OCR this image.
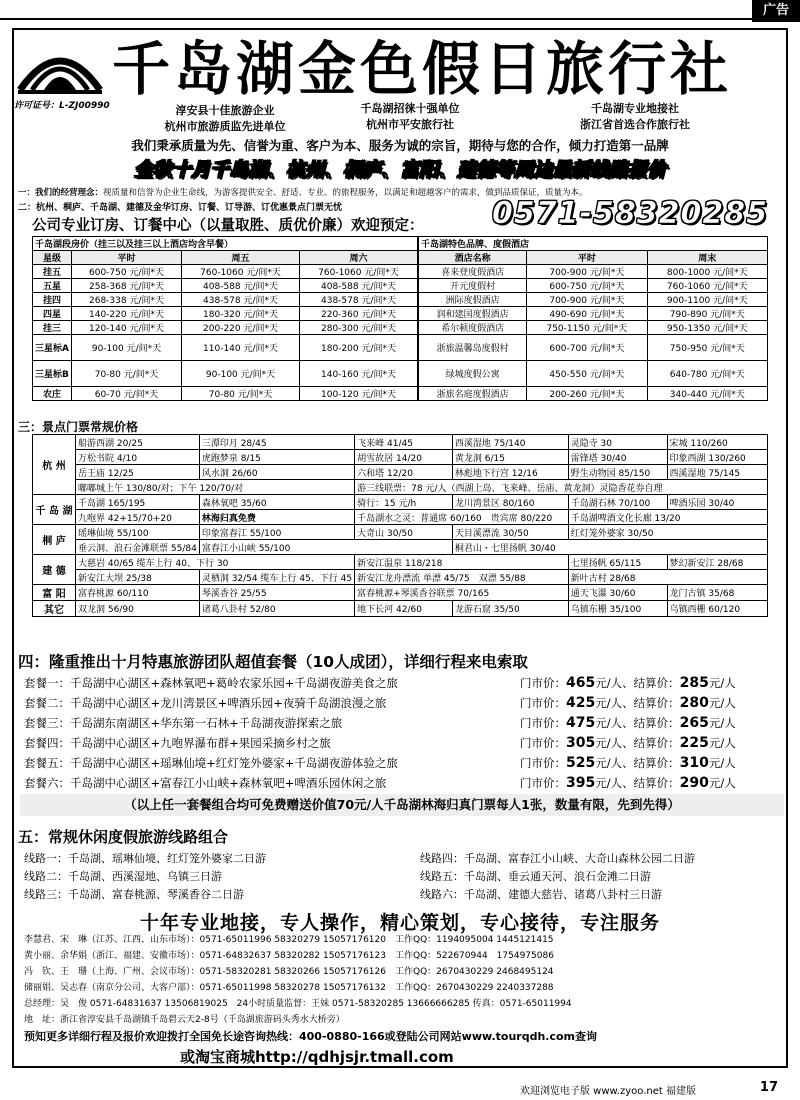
广告
许可证号：L-ZJ00990
千岛湖金色假日旅行社
淳安县十佳旅游企业
杭州市旅游质监先进单位
千岛湖招徕十强单位
杭州市平安旅行社
千岛湖专业地接社
浙江省首选合作旅行社
我们秉承质量为先、信誉为重、客户为本、服务为诚的宗旨，期待与您的合作，倾力打造第一品牌
金秋十月千岛湖、杭州、桐庐、富阳、建德等周边最新线路报价
一：我们的经营理念：视质量和信誉为企业生命线，为游客提供安全、舒适、专业、的旅程服务，以满足和超越客户的需求，做到品质保证，质量为本。
二：杭州、桐庐、千岛湖、建德及金华订房、订餐、订导游、订优惠景点门票无忧	0571-58320285
公司专业订房、订餐中心（以量取胜、质优价廉）欢迎预定：
千岛湖段房价（挂三以及挂三以上酒店均含早餐）			
星级	平时	周五	周六
挂五	600-750 元/间*天	760-1060 元/间*天	760-1060 元/间*天
五星	258-368 元/间*天	408-588 元/间*天	408-588 元/间*天
挂四	268-338 元/间*天	438-578 元/间*天	438-578 元/间*天
四星	140-220 元/间*天	180-320 元/间*天	220-360 元/间*天
挂三	120-140 元/间*天	200-220 元/间*天	280-300 元/间*天
三星标A	90-100 元/间*天	110-140 元/间*天	180-200 元/间*天
三星标B	70-80 元/间*天	90-100 元/间*天	140-160 元/间*天
农庄	60-70 元/间*天	70-80 元/间*天	100-120 元/间*天
千岛湖特色品牌、度假酒店		
酒店名称	平时	周末
喜来登度假酒店	700-900 元/间*天	800-1000 元/间*天
开元度假村	600-750 元/间*天	760-1060 元/间*天
洲际度假酒店	700-900 元/间*天	900-1100 元/间*天
润和建国度假酒店	490-690 元/间*天	790-890 元/间*天
希尔顿度假酒店	750-1150 元/间*天	950-1350 元/间*天
浙旅温馨岛度假村	600-700 元/间*天	750-950 元/间*天
绿城度假公寓	450-550 元/间*天	640-780 元/间*天
浙旅名庭度假酒店	200-260 元/间*天	340-440 元/间*天
三：景点门票常规价格
杭 州	船游西湖 20/25	三潭印月 28/45	飞来峰 41/45	西溪湿地 75/140	灵隐寺 30	宋城 110/260
	万松书院 4/10	虎跑梦泉 8/15	胡雪故居 14/20	黄龙洞 6/15	雷锋塔 30/40	印象西湖 130/260
	岳王庙 12/25	风水洞 26/60	六和塔 12/20	林彪地下行宫 12/16	野生动物园 85/150	西溪湿地 75/145
	嘟嘟城上午 130/80/对；下午 120/70/对		游三线联票：78 元/人（西湖上岛、飞来峰、岳庙、黄龙洞）灵隐香花券自理			
千 岛 湖	千岛湖 165/195	森林氧吧 35/60	骑行：15 元/h	龙川湾景区 80/160	千岛湖石林 70/100	啤酒乐园 30/40
	九咆界 42+15/70+20	林海归真免费	千岛湖水之灵：普通席 60/160　贵宾席 80/220		千岛湖啤酒文化长廊 13/20	
桐 庐	瑶琳仙境 55/100	印象富春江 55/100	大奇山 30/50	天目溪漂流 30/50	红灯笼外婆家 30/50	
	垂云洞、浪石金滩联票 55/84	富春江小山峡 55/100		桐君山・七里扬帆 30/40		
建 德	大慈岩 40/65 缆车上行 40、下行 30		新安江温泉 118/218		七里扬帆 65/115	梦幻新安江 28/68
	新安江大坝 25/38	灵栖洞 32/54 缆车上行 45、下行 45	新安江龙舟漂流 单漂 45/75　双漂 55/88		新叶古村 28/68	
富 阳	富春桃源 60/110	琴溪香谷 25/55	富春桃源+琴溪香谷联票 70/165		通天飞瀑 30/60	龙门古镇 35/68
其它	双龙洞 56/90	诸葛八卦村 52/80	地下长河 42/60	龙游石窟 35/50	乌镇东栅 35/100	乌镇西栅 60/120
四：隆重推出十月特惠旅游团队超值套餐（10人成团），详细行程来电索取
套餐一：千岛湖中心湖区+森林氧吧+葛岭农家乐园+千岛湖夜游美食之旅	门市价：465元/人、结算价：285元/人
套餐二：千岛湖中心湖区+龙川湾景区+啤酒乐园+夜骑千岛湖浪漫之旅	门市价：425元/人、结算价：280元/人
套餐三：千岛湖东南湖区+华东第一石林+千岛湖夜游探索之旅	门市价：475元/人、结算价：265元/人
套餐四：千岛湖中心湖区+九咆界瀑布群+果园采摘乡村之旅	门市价：305元/人、结算价：225元/人
套餐五：千岛湖中心湖区+瑶琳仙境+红灯笼外婆家+千岛湖夜游体验之旅	门市价：525元/人、结算价：310元/人
套餐六：千岛湖中心湖区+富春江小山峡+森林氧吧+啤酒乐园休闲之旅	门市价：395元/人、结算价：290元/人
（以上任一套餐组合均可免费赠送价值70元/人千岛湖林海归真门票每人1张，数量有限，先到先得）
五：常规休闲度假旅游线路组合
线路一：千岛湖、瑶琳仙境、红灯笼外婆家二日游
线路二：千岛湖、西溪湿地、乌镇三日游
线路三：千岛湖、富春桃源、琴溪香谷二日游
线路四：千岛湖、富春江小山峡、大奇山森林公园二日游
线路五：千岛湖、垂云通天河、浪石金滩二日游
线路六：千岛湖、建德大慈岩、诸葛八卦村三日游
十年专业地接，专人操作，精心策划，专心接待，专注服务
李慧君、宋　琳（江苏、江西、山东市场）：0571-65011996 58320279 15057176120　工作QQ：1194095004 1445121415
黄小丽、余华娟（浙江、福建、安徽市场）：0571-64832637 58320282 15057176123　工作QQ：522670944　1754975086
冯　钦、王　珊（上海、广州、会议市场）：0571-58320281 58320266 15057176126　工作QQ：2670430229 2468495124
储丽娟、吴志春（南京分公司、大客户部）：0571-65011998 58320278 15057176132　工作QQ：2670430229 2240337288
总经理：吴　俊 0571-64831637 13506819025　24小时质量监督：王妹 0571-58320285 13666666285 传真：0571-65011994
地　址：浙江省淳安县千岛湖镇千岛碧云天2-8号（千岛湖旅游码头秀水大桥旁）
预知更多详细行程及报价欢迎拨打全国免长途咨询热线：400-0880-166或登陆公司网站www.tourqdh.com查询
或淘宝商城http://qdhjsjr.tmall.com
欢迎浏览电子版 www.zyoo.net 福建版	17
